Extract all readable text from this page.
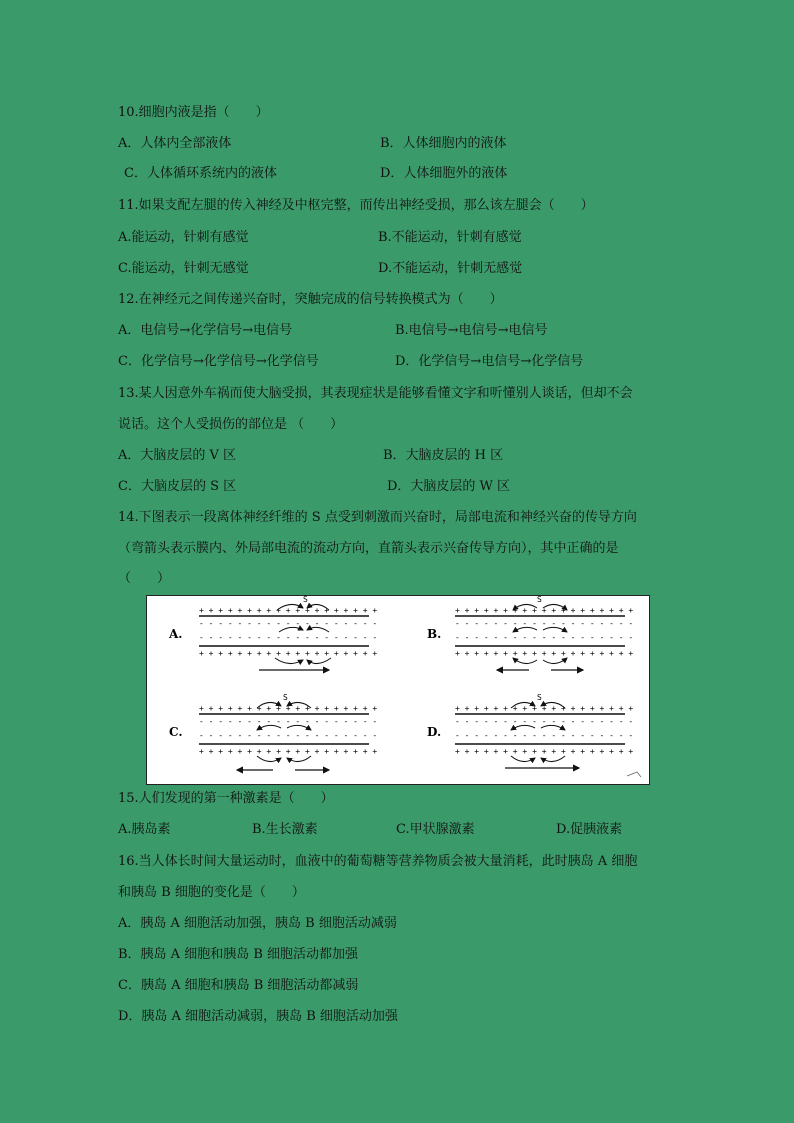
10.细胞内液是指（　　）
A．人体内全部液体	B．人体细胞内的液体
C．人体循环系统内的液体	D．人体细胞外的液体
11.如果支配左腿的传入神经及中枢完整，而传出神经受损，那么该左腿会（　　）
A.能运动，针刺有感觉	B.不能运动，针刺有感觉
C.能运动，针刺无感觉	D.不能运动，针刺无感觉
12.在神经元之间传递兴奋时，突触完成的信号转换模式为（　　）
A．电信号→化学信号→电信号	B.电信号→电信号→电信号
C．化学信号→化学信号→化学信号	D．化学信号→电信号→化学信号
13.某人因意外车祸而使大脑受损，其表现症状是能够看懂文字和听懂别人谈话，但却不会
说话。这个人受损伤的部位是 （　　）
A．大脑皮层的 V 区	B．大脑皮层的 H 区
C．大脑皮层的 S 区	D．大脑皮层的 W 区
14.下图表示一段离体神经纤维的 S 点受到刺激而兴奋时，局部电流和神经兴奋的传导方向
（弯箭头表示膜内、外局部电流的流动方向，直箭头表示兴奋传导方向），其中正确的是
（　　）
S
+ + + + + + + + + + + + + + + + + + +
- - - - - - - - - - - - - - - - - - -
- - - - - - - - - - - - - - - - - - -
+ + + + + + + + + + + + + + + + + + +
A.
S
+ + + + + + + + + + + + + + + + + + +
- - - - - - - - - - - - - - - - - - -
- - - - - - - - - - - - - - - - - - -
+ + + + + + + + + + + + + + + + + + +
B.
S
+ + + + + + + + + + + + + + + + + + +
- - - - - - - - - - - - - - - - - - -
- - - - - - - - - - - - - - - - - - -
+ + + + + + + + + + + + + + + + + + +
C.
S
+ + + + + + + + + + + + + + + + + + +
- - - - - - - - - - - - - - - - - - -
- - - - - - - - - - - - - - - - - - -
+ + + + + + + + + + + + + + + + + + +
D.
15.人们发现的第一种激素是（　　）
A.胰岛素	B.生长激素	C.甲状腺激素	D.促胰液素
16.当人体长时间大量运动时，血液中的葡萄糖等营养物质会被大量消耗，此时胰岛 A 细胞
和胰岛 B 细胞的变化是（　　）
A．胰岛 A 细胞活动加强，胰岛 B 细胞活动减弱
B．胰岛 A 细胞和胰岛 B 细胞活动都加强
C．胰岛 A 细胞和胰岛 B 细胞活动都减弱
D．胰岛 A 细胞活动减弱，胰岛 B 细胞活动加强
